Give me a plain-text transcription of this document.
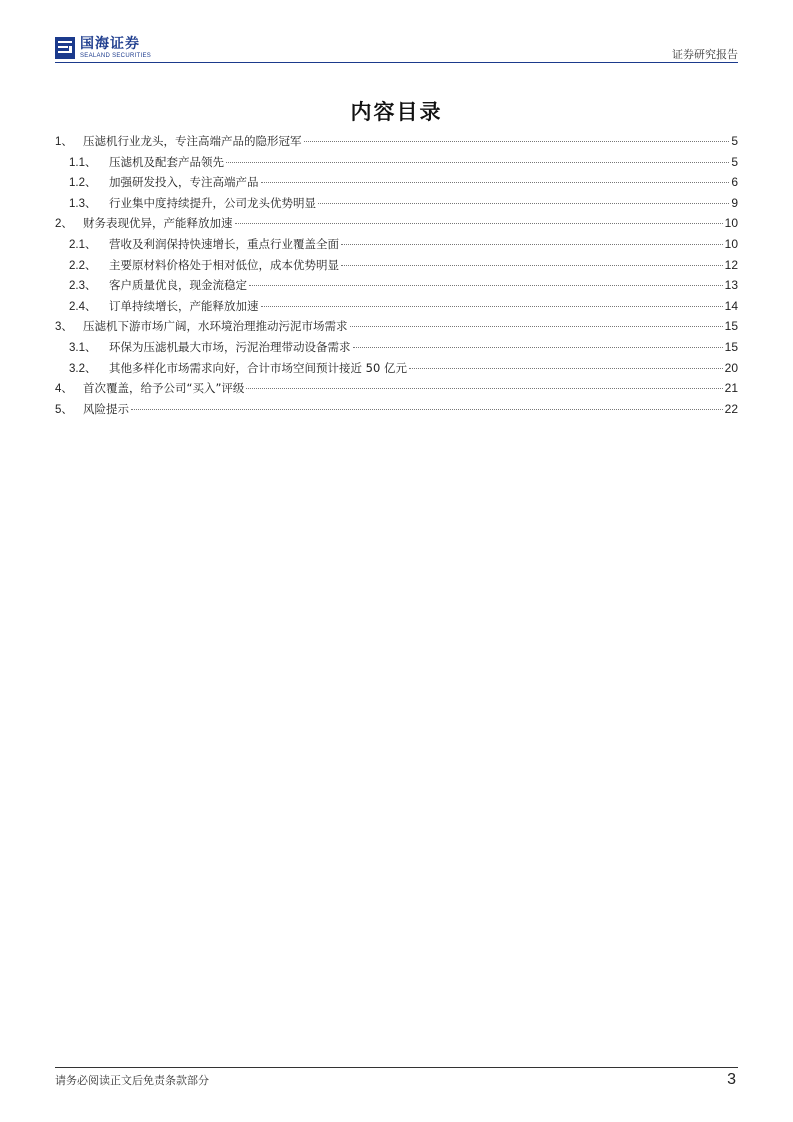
国海证券
SEALAND SECURITIES	证券研究报告
内容目录
1、 压滤机行业龙头，专注高端产品的隐形冠军	5
1.1、	压滤机及配套产品领先	5
1.2、	加强研发投入，专注高端产品	6
1.3、	行业集中度持续提升，公司龙头优势明显	9
2、 财务表现优异，产能释放加速	10
2.1、	营收及利润保持快速增长，重点行业覆盖全面	10
2.2、	主要原材料价格处于相对低位，成本优势明显	12
2.3、	客户质量优良，现金流稳定	13
2.4、	订单持续增长，产能释放加速	14
3、 压滤机下游市场广阔，水环境治理推动污泥市场需求	15
3.1、	环保为压滤机最大市场，污泥治理带动设备需求	15
3.2、	其他多样化市场需求向好，合计市场空间预计接近 50 亿元	20
4、 首次覆盖，给予公司“买入”评级	21
5、 风险提示	22
请务必阅读正文后免责条款部分	3
